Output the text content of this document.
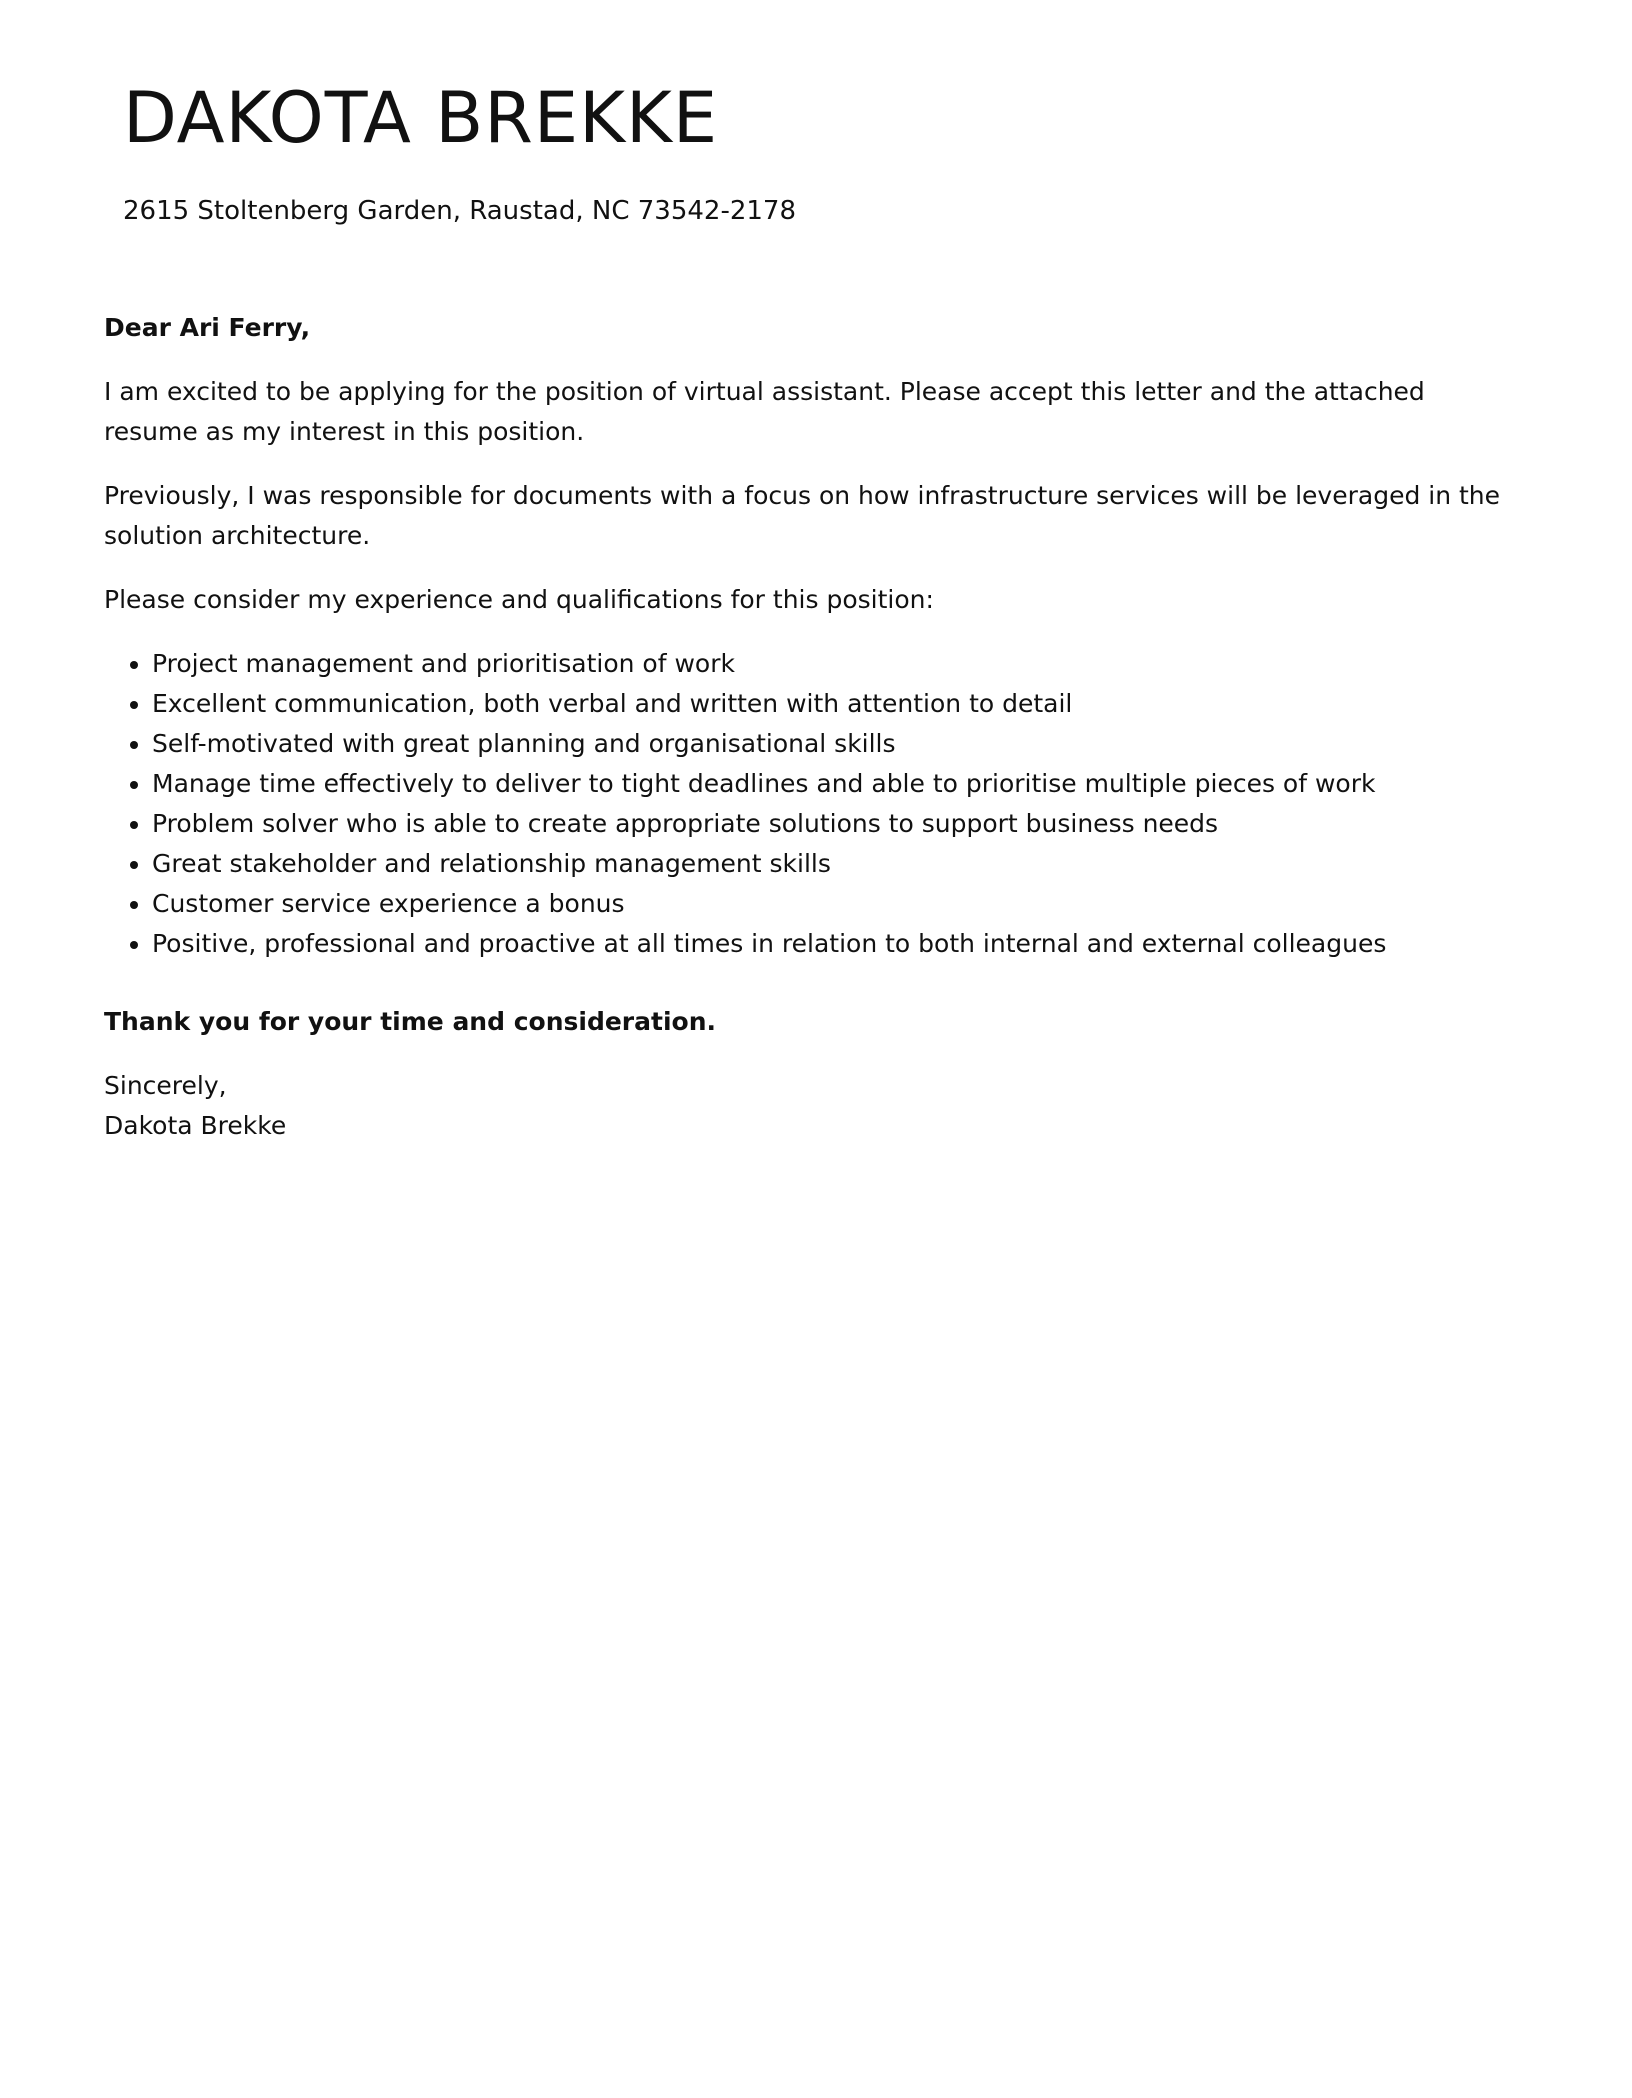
DAKOTA BREKKE
2615 Stoltenberg Garden, Raustad, NC 73542-2178

Dear Ari Ferry,

I am excited to be applying for the position of virtual assistant. Please accept this letter and the attached resume as my interest in this position.

Previously, I was responsible for documents with a focus on how infrastructure services will be leveraged in the solution architecture.

Please consider my experience and qualifications for this position:

• Project management and prioritisation of work
• Excellent communication, both verbal and written with attention to detail
• Self-motivated with great planning and organisational skills
• Manage time effectively to deliver to tight deadlines and able to prioritise multiple pieces of work
• Problem solver who is able to create appropriate solutions to support business needs
• Great stakeholder and relationship management skills
• Customer service experience a bonus
• Positive, professional and proactive at all times in relation to both internal and external colleagues

Thank you for your time and consideration.

Sincerely,

Dakota Brekke
